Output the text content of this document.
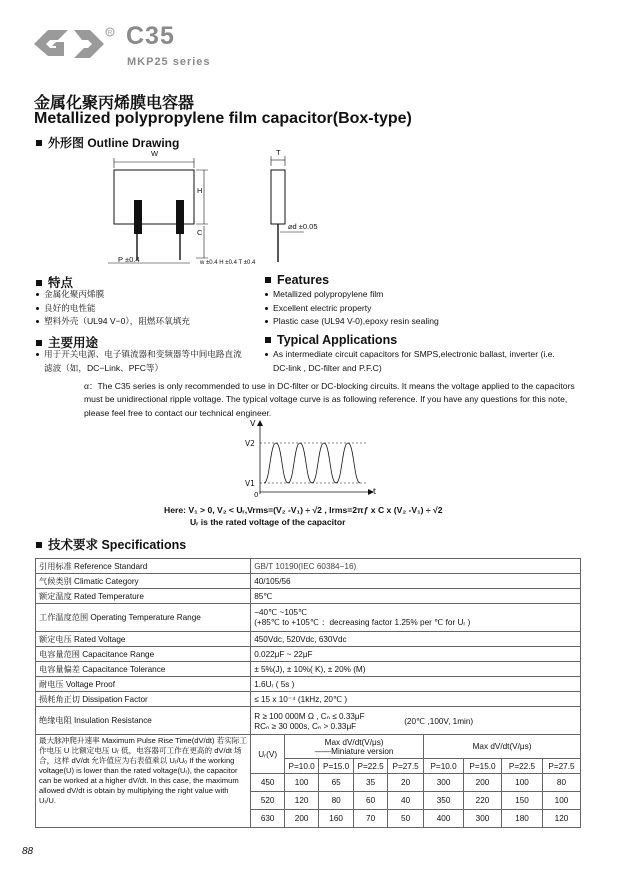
R C35
MKP25 series
金属化聚丙烯膜电容器
Metallized polypropylene film capacitor(Box-type)
外形图 Outline Drawing
W
H
C
T
P ±0.4
⌀d ±0.05
w ±0.4 H ±0.4 T ±0.4
特点
金属化聚丙烯膜
良好的电性能
塑料外壳（UL94 V−0），阻燃环氧填充
Features
Metallized polypropylene film
Excellent electric property
Plastic case (UL94 V-0),epoxy resin sealing
主要用途
用于开关电源、电子镇流器和变频器等中间电路直流滤波（如，DC−Link、PFC等）
Typical Applications
As intermediate circuit capacitors for SMPS,electronic ballast, inverter (i.e. DC-link , DC-filter and P.F.C)
α：The C35 series is only recommended to use in DC-filter or DC-blocking circuits. It means the voltage applied to the capacitors must be unidirectional ripple voltage. The typical voltage curve is as following reference. If you have any questions for this note, please feel free to contact our technical engineer.
V
t
V2
V1
0
Here: V₁ > 0, V₂ < Uᵣ,Vrms=(V₂ -V₁) ÷ √2 , Irms=2πƒ x C x (V₂ -V₁) ÷ √2
Uᵣ is the rated voltage of the capacitor
技术要求 Specifications
引用标准 Reference Standard	GB/T 10190(IEC 60384−16)								
气候类别 Climatic Category	40/105/56								
额定温度 Rated Temperature	85℃								
工作温度范围 Operating Temperature Range	−40℃ ~105℃
(+85℃ to +105℃ ：decreasing factor 1.25% per ℃ for Uᵣ )								

额定电压 Rated Voltage	450Vdc, 520Vdc, 630Vdc								
电容量范围 Capacitance Range	0.022μF ~ 22μF								
电容量偏差 Capacitance Tolerance	± 5%(J), ± 10%( K), ± 20% (M)								
耐电压 Voltage Proof	1.6Uᵣ ( 5s )								
损耗角正切 Dissipation Factor	≤ 15 x 10⁻⁴ (1kHz, 20℃ )								
绝缘电阻 Insulation Resistance	R ≥ 100 000M Ω , Cₙ ≤ 0.33μF
RCₙ ≥ 30 000s, Cₙ > 0.33μF
(20℃ ,100V, 1min)								

最大脉冲爬升速率 Maximum Pulse Rise Time(dV/dt) 若实际工作电压 U 比额定电压 Uᵣ 低，电容器可工作在更高的 dV/dt 场合，这样 dV/dt 允许值应为右表值乘以 Uᵣ/Uₒ If the working voltage(U) is lower than the rated voltage(Uᵣ), the capacitor can be worked at a higher dV/dt. In this case, the maximum allowed dV/dt is obtain by multiplying the right value with Uᵣ/U.	Uᵣ(V)	Max dV/dt(V/μs)
——Miniature version				Max dV/dt(V/μs)			
		P=10.0	P=15.0	P=22.5	P=27.5	P=10.0	P=15.0	P=22.5	P=27.5
	450	100	65	35	20	300	200	100	80
	520	120	80	60	40	350	220	150	100
	630	200	160	70	50	400	300	180	120
88
